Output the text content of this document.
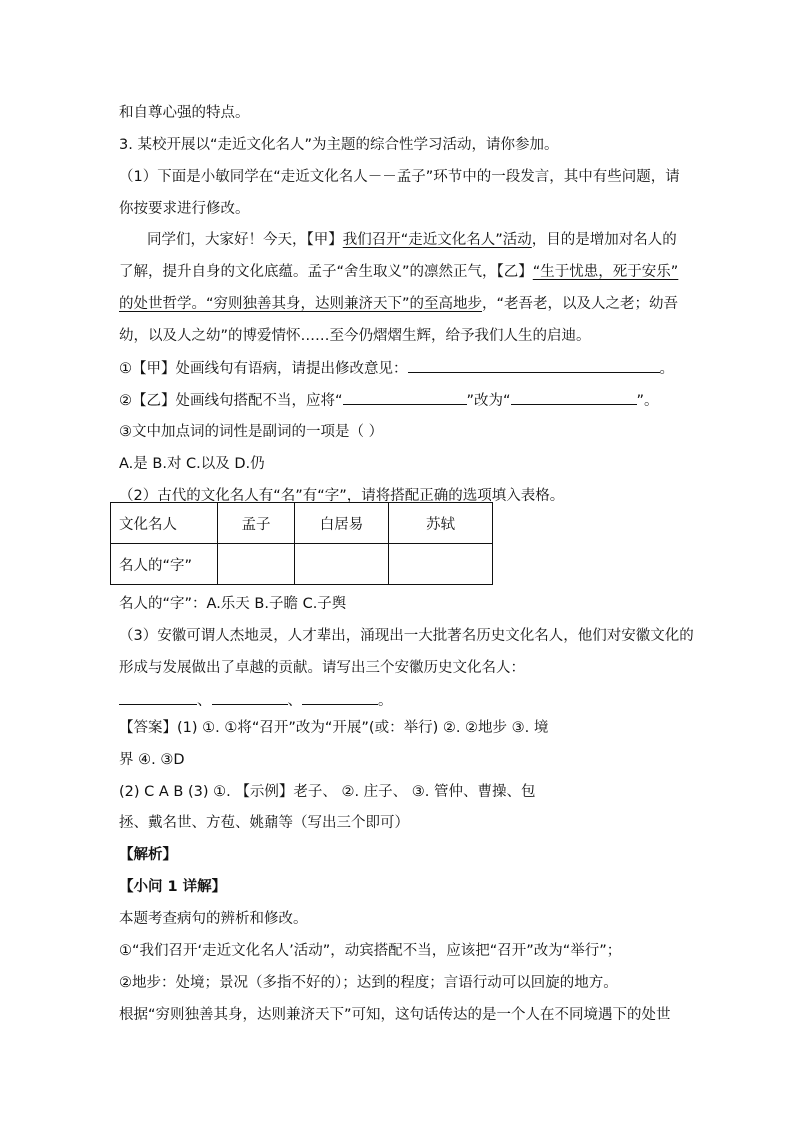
和自尊心强的特点。
3. 某校开展以“走近文化名人”为主题的综合性学习活动，请你参加。
（1）下面是小敏同学在“走近文化名人－－孟子”环节中的一段发言，其中有些问题，请
你按要求进行修改。
同学们，大家好！今天，【甲】我们召开“走近文化名人”活动，目的是增加对名人的
了解，提升自身的文化底蕴。孟子“舍生取义”的凛然正气，【乙】“生于忧患，死于安乐”
的处世哲学。“穷则独善其身，达则兼济天下”的至高地步，“老吾老，以及人之老；幼吾
幼，以及人之幼”的博爱情怀……至今仍熠熠生辉，给予我们人生的启迪。
①【甲】处画线句有语病，请提出修改意见：	。
②【乙】处画线句搭配不当，应将“	”改为“	”。
③文中加点词的词性是副词的一项是（ ）
A.是 B.对 C.以及 D.仍
（2）古代的文化名人有“名”有“字”，请将搭配正确的选项填入表格。
文化名人	孟子	白居易	苏轼
名人的“字”			
名人的“字”：A.乐天 B.子瞻 C.子舆
（3）安徽可谓人杰地灵，人才辈出，涌现出一大批著名历史文化名人，他们对安徽文化的
形成与发展做出了卓越的贡献。请写出三个安徽历史文化名人：
、	、	。
【答案】(1) ①. ①将“召开”改为“开展”(或：举行) ②. ②地步 ③. 境
界 ④. ③D
(2) C A B (3) ①. 【示例】老子、 ②. 庄子、 ③. 管仲、曹操、包
拯、戴名世、方苞、姚鼐等（写出三个即可）
【解析】
【小问 1 详解】
本题考查病句的辨析和修改。
①“我们召开‘走近文化名人’活动”，动宾搭配不当，应该把“召开”改为“举行”；
②地步：处境；景况（多指不好的）；达到的程度；言语行动可以回旋的地方。
根据“穷则独善其身，达则兼济天下”可知，这句话传达的是一个人在不同境遇下的处世
